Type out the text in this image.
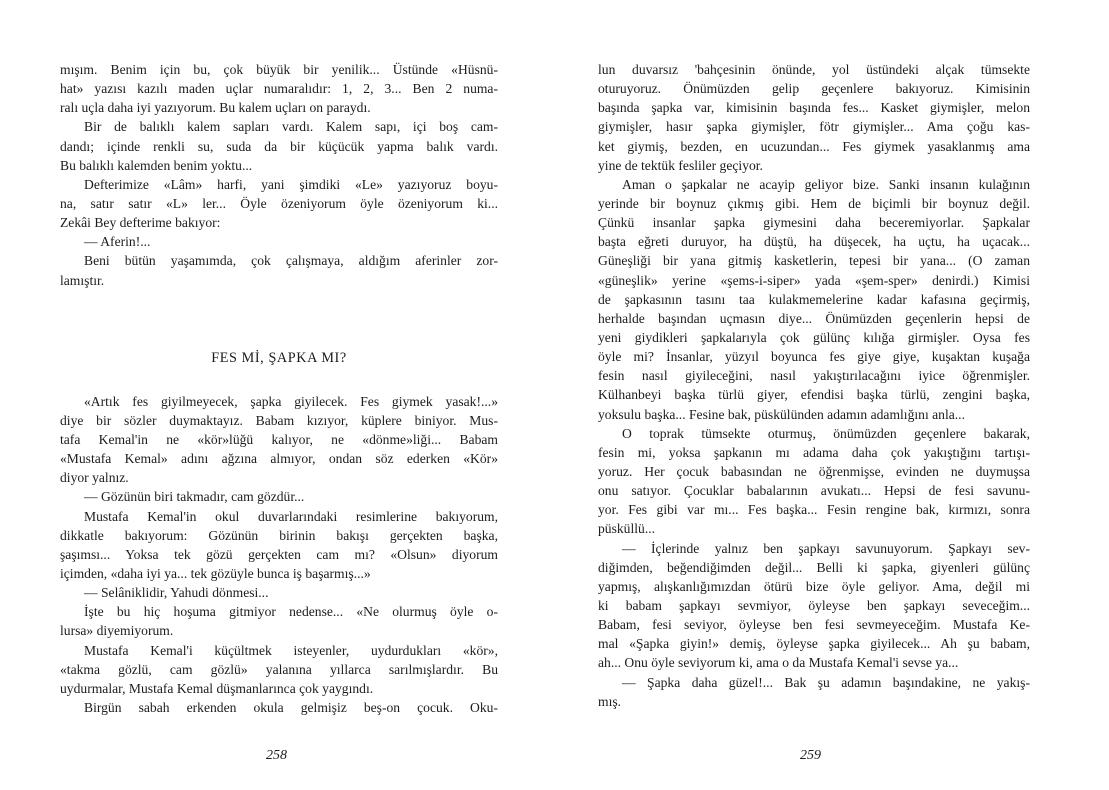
mışım. Benim için bu, çok büyük bir yenilik... Üstünde «Hüsnü-
hat» yazısı kazılı maden uçlar numaralıdır: 1, 2, 3... Ben 2 numa-
ralı uçla daha iyi yazıyorum. Bu kalem uçları on paraydı.
Bir de balıklı kalem sapları vardı. Kalem sapı, içi boş cam-
dandı; içinde renkli su, suda da bir küçücük yapma balık vardı.
Bu balıklı kalemden benim yoktu...
Defterimize «Lâm» harfi, yani şimdiki «Le» yazıyoruz boyu-
na, satır satır «L» ler... Öyle özeniyorum öyle özeniyorum ki...
Zekâi Bey defterime bakıyor:
— Aferin!...
Beni bütün yaşamımda, çok çalışmaya, aldığım aferinler zor-
lamıştır.
FES Mİ, ŞAPKA MI?
«Artık fes giyilmeyecek, şapka giyilecek. Fes giymek yasak!...»
diye bir sözler duymaktayız. Babam kızıyor, küplere biniyor. Mus-
tafa Kemal'in ne «kör»lüğü kalıyor, ne «dönme»liği... Babam
«Mustafa Kemal» adını ağzına almıyor, ondan söz ederken «Kör»
diyor yalnız.
— Gözünün biri takmadır, cam gözdür...
Mustafa Kemal'in okul duvarlarındaki resimlerine bakıyorum,
dikkatle bakıyorum: Gözünün birinin bakışı gerçekten başka,
şaşımsı... Yoksa tek gözü gerçekten cam mı? «Olsun» diyorum
içimden, «daha iyi ya... tek gözüyle bunca iş başarmış...»
— Selâniklidir, Yahudi dönmesi...
İşte bu hiç hoşuma gitmiyor nedense... «Ne olurmuş öyle o-
lursa» diyemiyorum.
Mustafa Kemal'i küçültmek isteyenler, uydurdukları «kör»,
«takma gözlü, cam gözlü» yalanına yıllarca sarılmışlardır. Bu
uydurmalar, Mustafa Kemal düşmanlarınca çok yaygındı.
Birgün sabah erkenden okula gelmişiz beş-on çocuk. Oku-
lun duvarsız 'bahçesinin önünde, yol üstündeki alçak tümsekte
oturuyoruz. Önümüzden gelip geçenlere bakıyoruz. Kimisinin
başında şapka var, kimisinin başında fes... Kasket giymişler, melon
giymişler, hasır şapka giymişler, fötr giymişler... Ama çoğu kas-
ket giymiş, bezden, en ucuzundan... Fes giymek yasaklanmış ama
yine de tektük fesliler geçiyor.
Aman o şapkalar ne acayip geliyor bize. Sanki insanın kulağının
yerinde bir boynuz çıkmış gibi. Hem de biçimli bir boynuz değil.
Çünkü insanlar şapka giymesini daha beceremiyorlar. Şapkalar
başta eğreti duruyor, ha düştü, ha düşecek, ha uçtu, ha uçacak...
Güneşliği bir yana gitmiş kasketlerin, tepesi bir yana... (O zaman
«güneşlik» yerine «şems-i-siper» yada «şem-sper» denirdi.) Kimisi
de şapkasının tasını taa kulakmemelerine kadar kafasına geçirmiş,
herhalde başından uçmasın diye... Önümüzden geçenlerin hepsi de
yeni giydikleri şapkalarıyla çok gülünç kılığa girmişler. Oysa fes
öyle mi? İnsanlar, yüzyıl boyunca fes giye giye, kuşaktan kuşağa
fesin nasıl giyileceğini, nasıl yakıştırılacağını iyice öğrenmişler.
Külhanbeyi başka türlü giyer, efendisi başka türlü, zengini başka,
yoksulu başka... Fesine bak, püskülünden adamın adamlığını anla...
O toprak tümsekte oturmuş, önümüzden geçenlere bakarak,
fesin mi, yoksa şapkanın mı adama daha çok yakıştığını tartışı-
yoruz. Her çocuk babasından ne öğrenmişse, evinden ne duymuşsa
onu satıyor. Çocuklar babalarının avukatı... Hepsi de fesi savunu-
yor. Fes gibi var mı... Fes başka... Fesin rengine bak, kırmızı, sonra
püsküllü...
— İçlerinde yalnız ben şapkayı savunuyorum. Şapkayı sev-
diğimden, beğendiğimden değil... Belli ki şapka, giyenleri gülünç
yapmış, alışkanlığımızdan ötürü bize öyle geliyor. Ama, değil mi
ki babam şapkayı sevmiyor, öyleyse ben şapkayı seveceğim...
Babam, fesi seviyor, öyleyse ben fesi sevmeyeceğim. Mustafa Ke-
mal «Şapka giyin!» demiş, öyleyse şapka giyilecek... Ah şu babam,
ah... Onu öyle seviyorum ki, ama o da Mustafa Kemal'i sevse ya...
— Şapka daha güzel!... Bak şu adamın başındakine, ne yakış-
mış.
258	259
